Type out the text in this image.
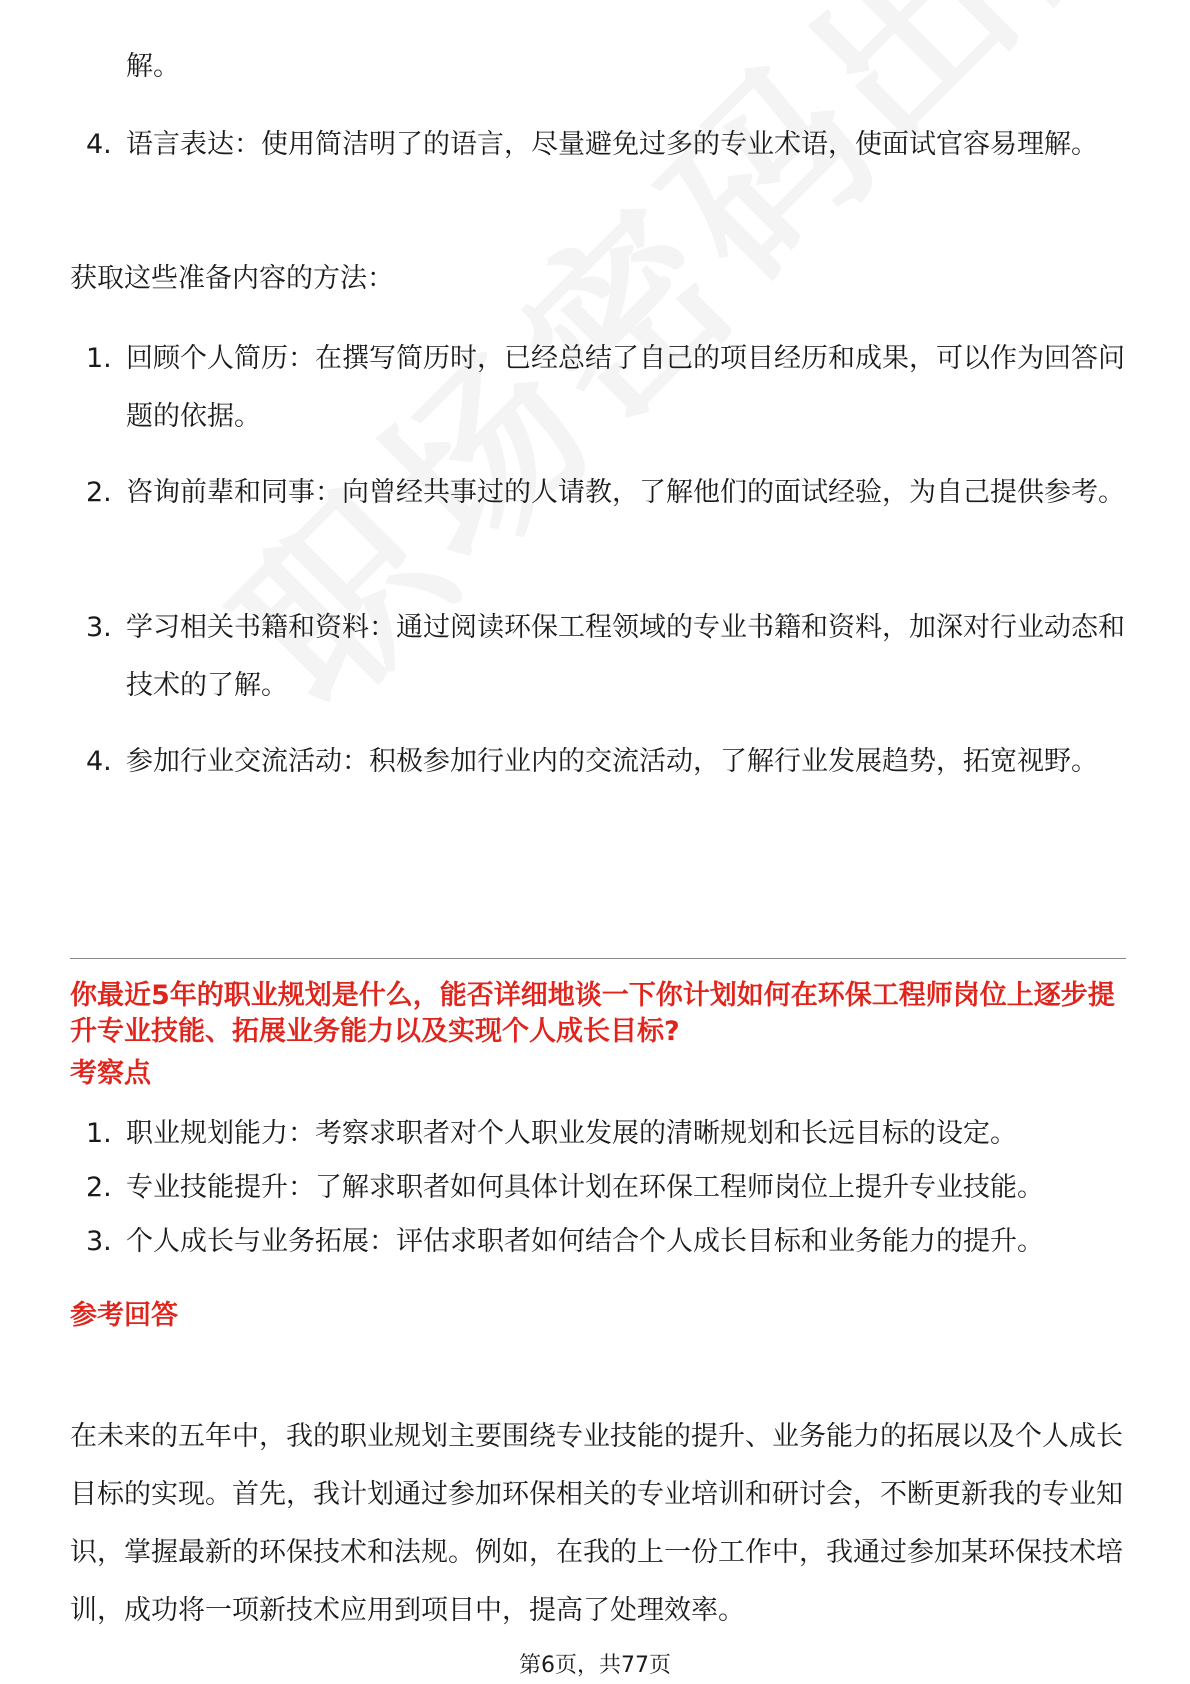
解。
4. 语言表达：使用简洁明了的语言，尽量避免过多的专业术语，使面试官容易理解。
获取这些准备内容的方法：
1. 回顾个人简历：在撰写简历时，已经总结了自己的项目经历和成果，可以作为回答问题的依据。
2. 咨询前辈和同事：向曾经共事过的人请教，了解他们的面试经验，为自己提供参考。
3. 学习相关书籍和资料：通过阅读环保工程领域的专业书籍和资料，加深对行业动态和技术的了解。
4. 参加行业交流活动：积极参加行业内的交流活动，了解行业发展趋势，拓宽视野。
你最近5年的职业规划是什么，能否详细地谈一下你计划如何在环保工程师岗位上逐步提升专业技能、拓展业务能力以及实现个人成长目标?
考察点
1. 职业规划能力：考察求职者对个人职业发展的清晰规划和长远目标的设定。
2. 专业技能提升：了解求职者如何具体计划在环保工程师岗位上提升专业技能。
3. 个人成长与业务拓展：评估求职者如何结合个人成长目标和业务能力的提升。
参考回答
在未来的五年中，我的职业规划主要围绕专业技能的提升、业务能力的拓展以及个人成长目标的实现。首先，我计划通过参加环保相关的专业培训和研讨会，不断更新我的专业知识，掌握最新的环保技术和法规。例如，在我的上一份工作中，我通过参加某环保技术培训，成功将一项新技术应用到项目中，提高了处理效率。
第6页，共77页
